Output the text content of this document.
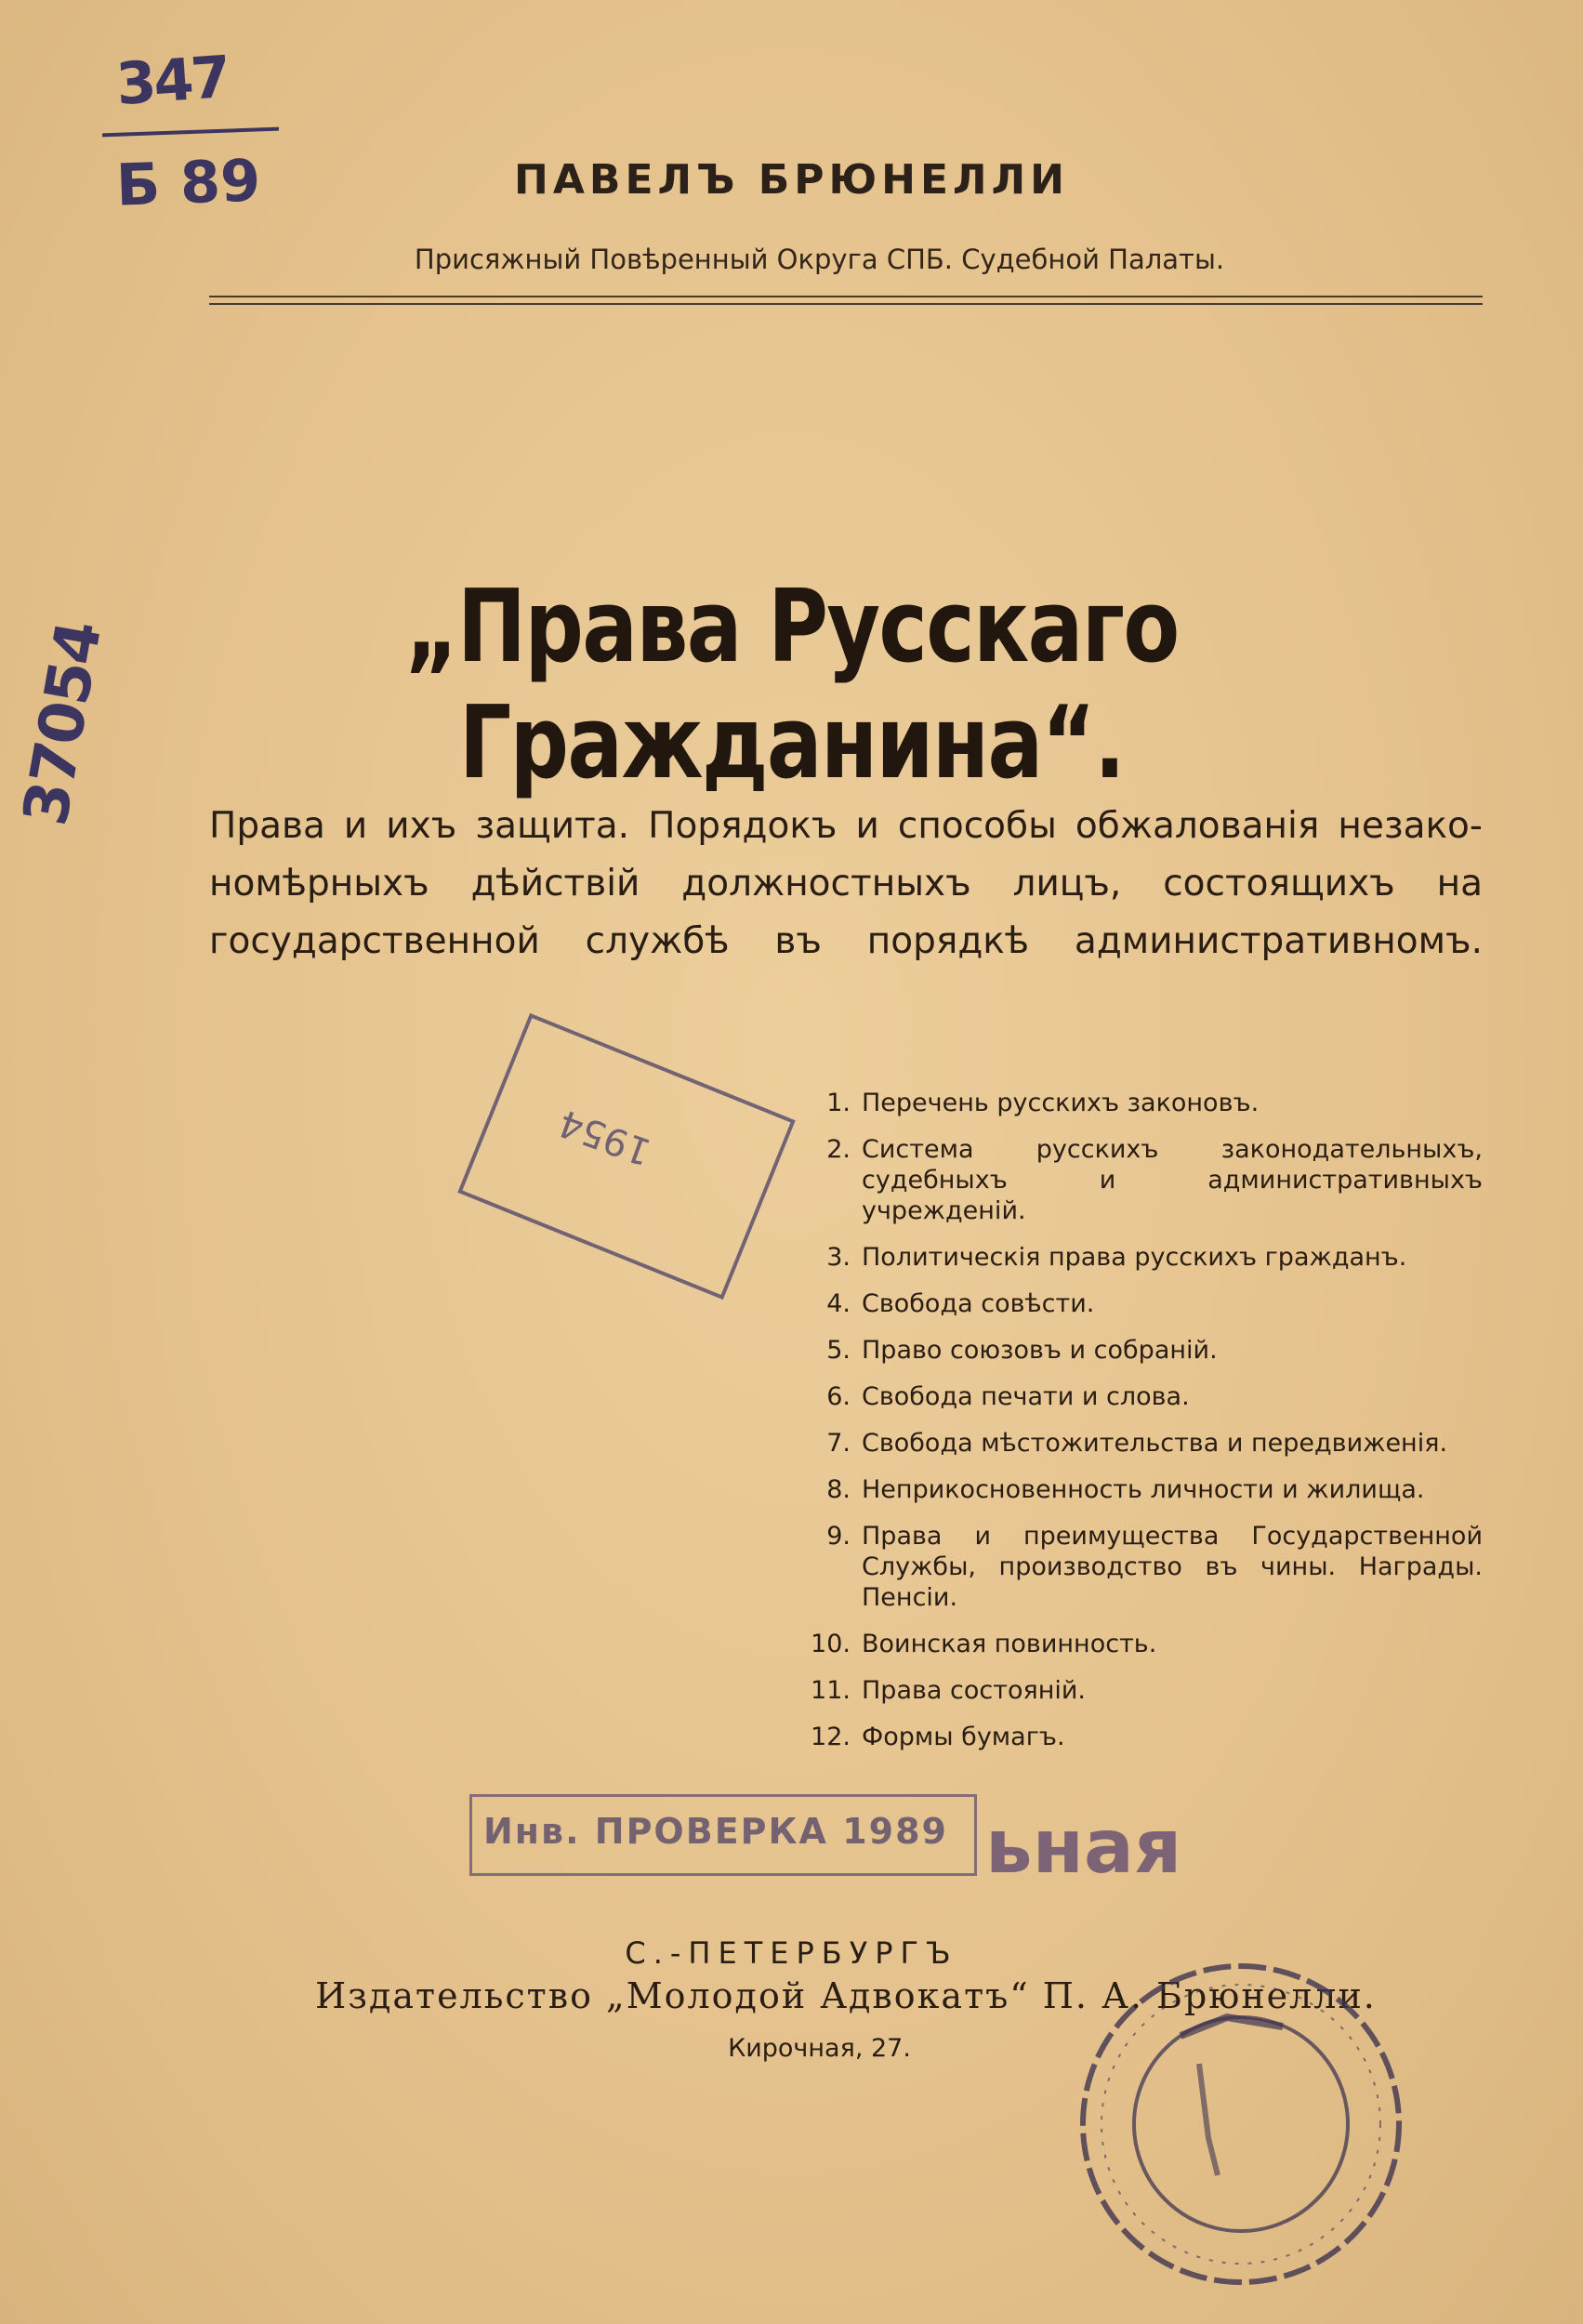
347
Б 89
37054
ПАВЕЛЪ БРЮНЕЛЛИ
Присяжный Повѣренный Округа СПБ. Судебной Палаты.
„Права Русскаго Гражданина“.
Права и ихъ защита. Порядокъ и способы обжалованія незако-
номѣрныхъ дѣйствій должностныхъ лицъ, состоящихъ на
государственной службѣ въ порядкѣ административномъ.
1954	1. Перечень русскихъ законовъ.
2. Система русскихъ законодательныхъ, судебныхъ и административныхъ учрежденій.
3. Политическія права русскихъ гражданъ.
4. Свобода совѣсти.
5. Право союзовъ и собраній.
6. Свобода печати и слова.
7. Свобода мѣстожительства и передвиженія.
8. Неприкосновенность личности и жилища.
9. Права и преимущества Государственной Службы, производство въ чины. Награды. Пенсіи.
10. Воинская повинность.
11. Права состояній.
12. Формы бумагъ.
Инв. ПРОВЕРКА 1989 ьная
С.-ПЕТЕРБУРГЪ
Издательство „Молодой Адвокатъ“ П. А. Брюнелли.
Кирочная, 27.
